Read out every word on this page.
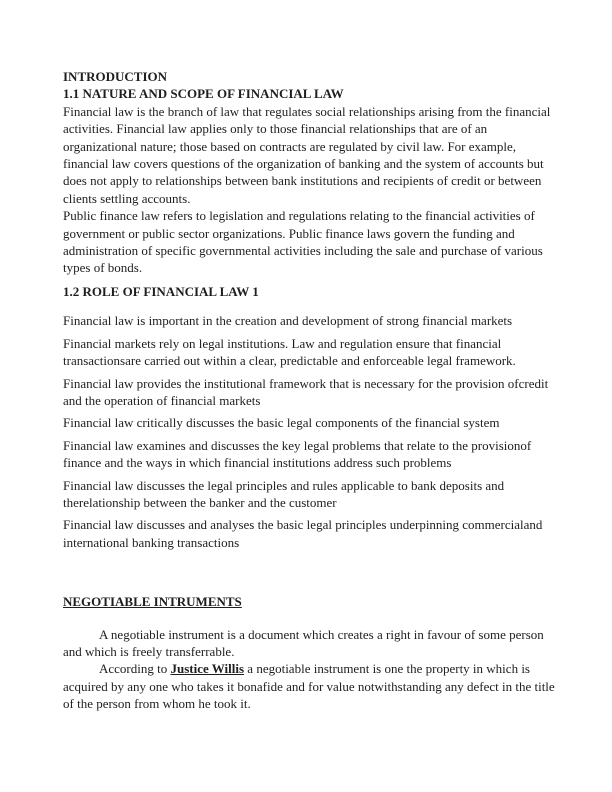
INTRODUCTION
1.1 NATURE AND SCOPE OF FINANCIAL LAW

Financial law is the branch of law that regulates social relationships arising from the financial activities. Financial law applies only to those financial relationships that are of an organizational nature; those based on contracts are regulated by civil law. For example, financial law covers questions of the organization of banking and the system of accounts but does not apply to relationships between bank institutions and recipients of credit or between clients settling accounts.

Public finance law refers to legislation and regulations relating to the financial activities of government or public sector organizations. Public finance laws govern the funding and administration of specific governmental activities including the sale and purchase of various types of bonds.

1.2 ROLE OF FINANCIAL LAW 1

Financial law is important in the creation and development of strong financial markets

Financial markets rely on legal institutions. Law and regulation ensure that financial transactionsare carried out within a clear, predictable and enforceable legal framework.

Financial law provides the institutional framework that is necessary for the provision ofcredit and the operation of financial markets

Financial law critically discusses the basic legal components of the financial system

Financial law examines and discusses the key legal problems that relate to the provisionof finance and the ways in which financial institutions address such problems

Financial law discusses the legal principles and rules applicable to bank deposits and therelationship between the banker and the customer

Financial law discusses and analyses the basic legal principles underpinning commercialand international banking transactions

NEGOTIABLE INTRUMENTS

A negotiable instrument is a document which creates a right in favour of some person and which is freely transferrable.

According to Justice Willis a negotiable instrument is one the property in which is acquired by any one who takes it bonafide and for value notwithstanding any defect in the title of the person from whom he took it.
